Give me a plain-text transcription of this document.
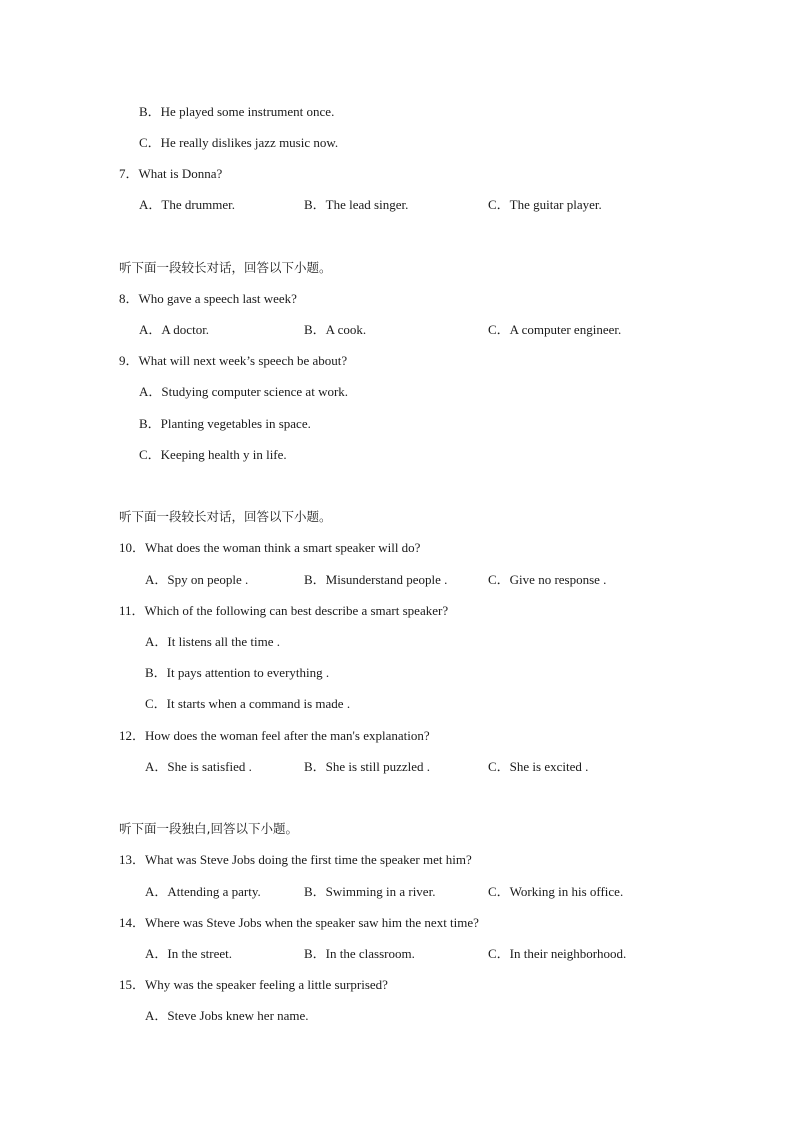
B．He played some instrument once.
C．He really dislikes jazz music now.
7．What is Donna?
A．The drummer.	B．The lead singer.	C．The guitar player.
听下面一段较长对话，回答以下小题。
8．Who gave a speech last week?
A．A doctor.	B．A cook.	C．A computer engineer.
9．What will next week’s speech be about?
A．Studying computer science at work.
B．Planting vegetables in space.
C．Keeping health y in life.
听下面一段较长对话，回答以下小题。
10．What does the woman think a smart speaker will do?
A．Spy on people .	B．Misunderstand people .	C．Give no response .
11．Which of the following can best describe a smart speaker?
A．It listens all the time .
B．It pays attention to everything .
C．It starts when a command is made .
12．How does the woman feel after the man's explanation?
A．She is satisfied .	B．She is still puzzled .	C．She is excited .
听下面一段独白,回答以下小题。
13．What was Steve Jobs doing the first time the speaker met him?
A．Attending a party.	B．Swimming in a river.	C．Working in his office.
14．Where was Steve Jobs when the speaker saw him the next time?
A．In the street.	B．In the classroom.	C．In their neighborhood.
15．Why was the speaker feeling a little surprised?
A．Steve Jobs knew her name.
